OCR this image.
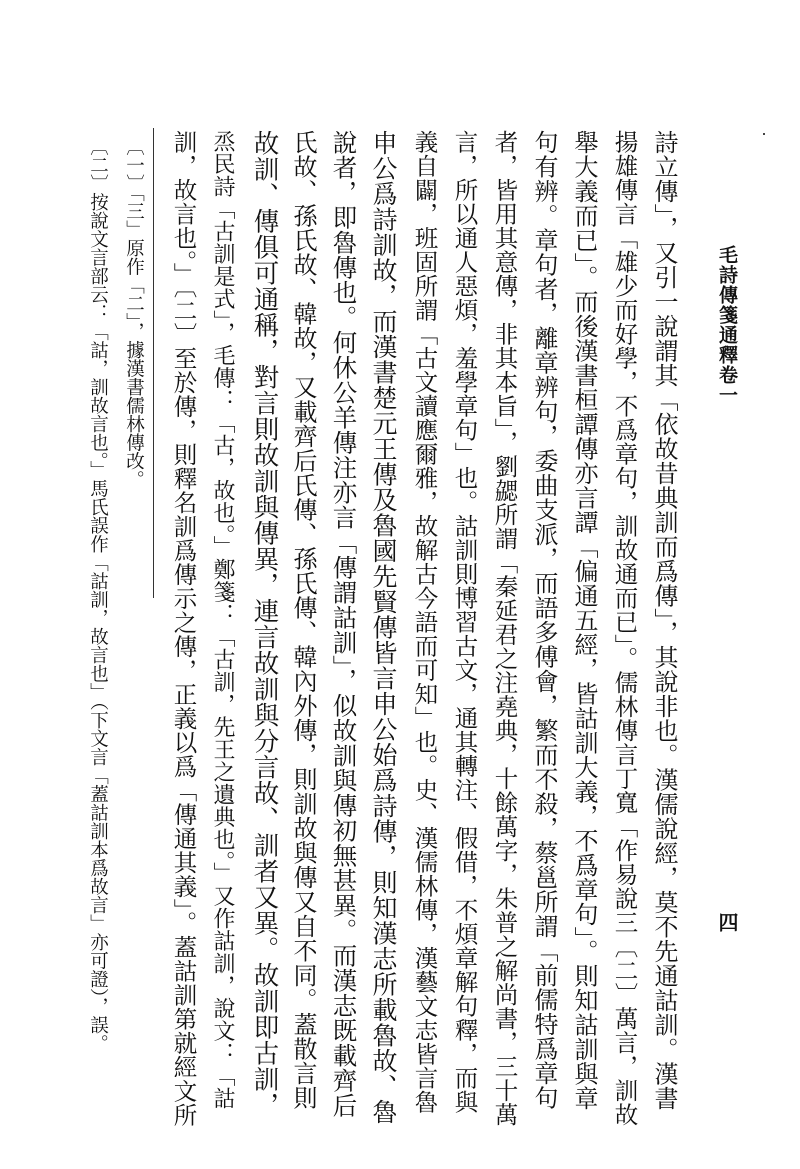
毛詩傳箋通釋卷一
四
詩立傳」，又引一說謂其「依故昔典訓而爲傳」，其說非也。漢儒說經，莫不先通詁訓。漢書
揚雄傳言「雄少而好學，不爲章句，訓故通而已」。儒林傳言丁寬「作易說三〔二〕萬言，訓故
舉大義而已」。而後漢書桓譚傳亦言譚「偏通五經，皆詁訓大義，不爲章句」。則知詁訓與章
句有辨。章句者，離章辨句，委曲支派，而語多傅會，繁而不殺，蔡邕所謂「前儒特爲章句
者，皆用其意傳，非其本旨」，劉勰所謂「秦延君之注堯典，十餘萬字，朱普之解尚書，三十萬
言，所以通人惡煩，羞學章句」也。詁訓則博習古文，通其轉注、假借，不煩章解句釋，而與
義自闢，班固所謂「古文讀應爾雅，故解古今語而可知」也。史、漢儒林傳，漢藝文志皆言魯
申公爲詩訓故，而漢書楚元王傳及魯國先賢傳皆言申公始爲詩傳，則知漢志所載魯故、魯
說者，即魯傳也。何休公羊傳注亦言「傳謂詁訓」，似故訓與傳初無甚異。而漢志既載齊后
氏故、孫氏故、韓故，又載齊后氏傳、孫氏傳、韓內外傳，則訓故與傳又自不同。蓋散言則
故訓、傳俱可通稱，對言則故訓與傳異，連言故訓與分言故、訓者又異。故訓即古訓，
烝民詩「古訓是式」，毛傳：「古，故也。」鄭箋：「古訓，先王之遺典也。」又作詁訓，說文：「詁
訓，故言也。」〔二〕至於傳，則釋名訓爲傳示之傳，正義以爲「傳通其義」。蓋詁訓第就經文所
〔一〕「三」原作「二」，據漢書儒林傳改。
〔二〕按說文言部云：「詁，訓故言也。」馬氏誤作「詁訓，故言也」（下文言「蓋詁訓本爲故言」亦可證），誤。
